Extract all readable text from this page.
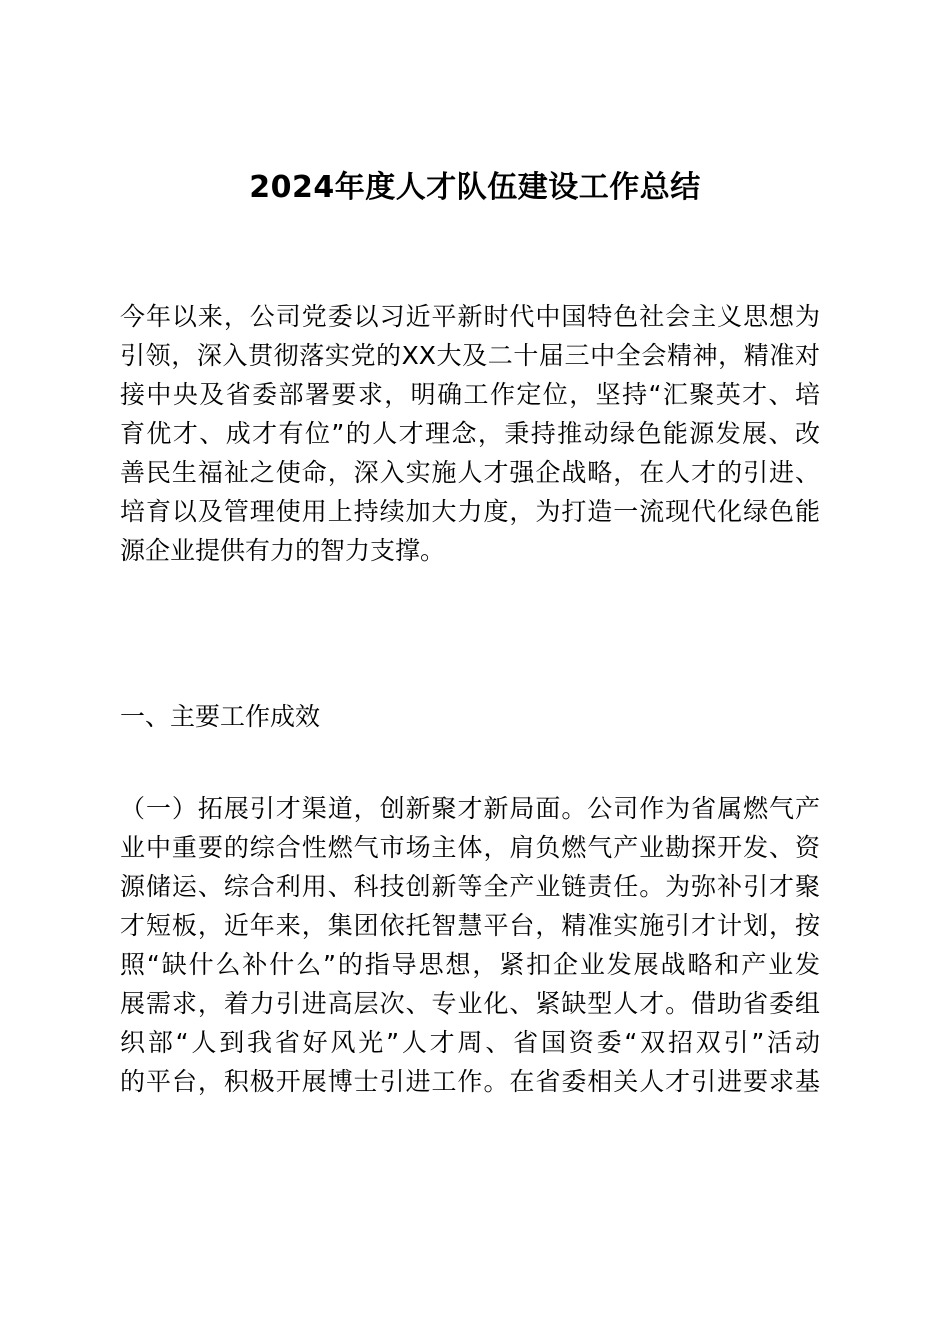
2024年度人才队伍建设工作总结
今年以来，公司党委以习近平新时代中国特色社会主义思想为
引领，深入贯彻落实党的XX大及二十届三中全会精神，精准对
接中央及省委部署要求，明确工作定位，坚持“汇聚英才、培
育优才、成才有位”的人才理念，秉持推动绿色能源发展、改
善民生福祉之使命，深入实施人才强企战略，在人才的引进、
培育以及管理使用上持续加大力度，为打造一流现代化绿色能
源企业提供有力的智力支撑。
一、主要工作成效
（一）拓展引才渠道，创新聚才新局面。公司作为省属燃气产
业中重要的综合性燃气市场主体，肩负燃气产业勘探开发、资
源储运、综合利用、科技创新等全产业链责任。为弥补引才聚
才短板，近年来，集团依托智慧平台，精准实施引才计划，按
照“缺什么补什么”的指导思想，紧扣企业发展战略和产业发
展需求，着力引进高层次、专业化、紧缺型人才。借助省委组
织部“人到我省好风光”人才周、省国资委“双招双引”活动
的平台，积极开展博士引进工作。在省委相关人才引进要求基
